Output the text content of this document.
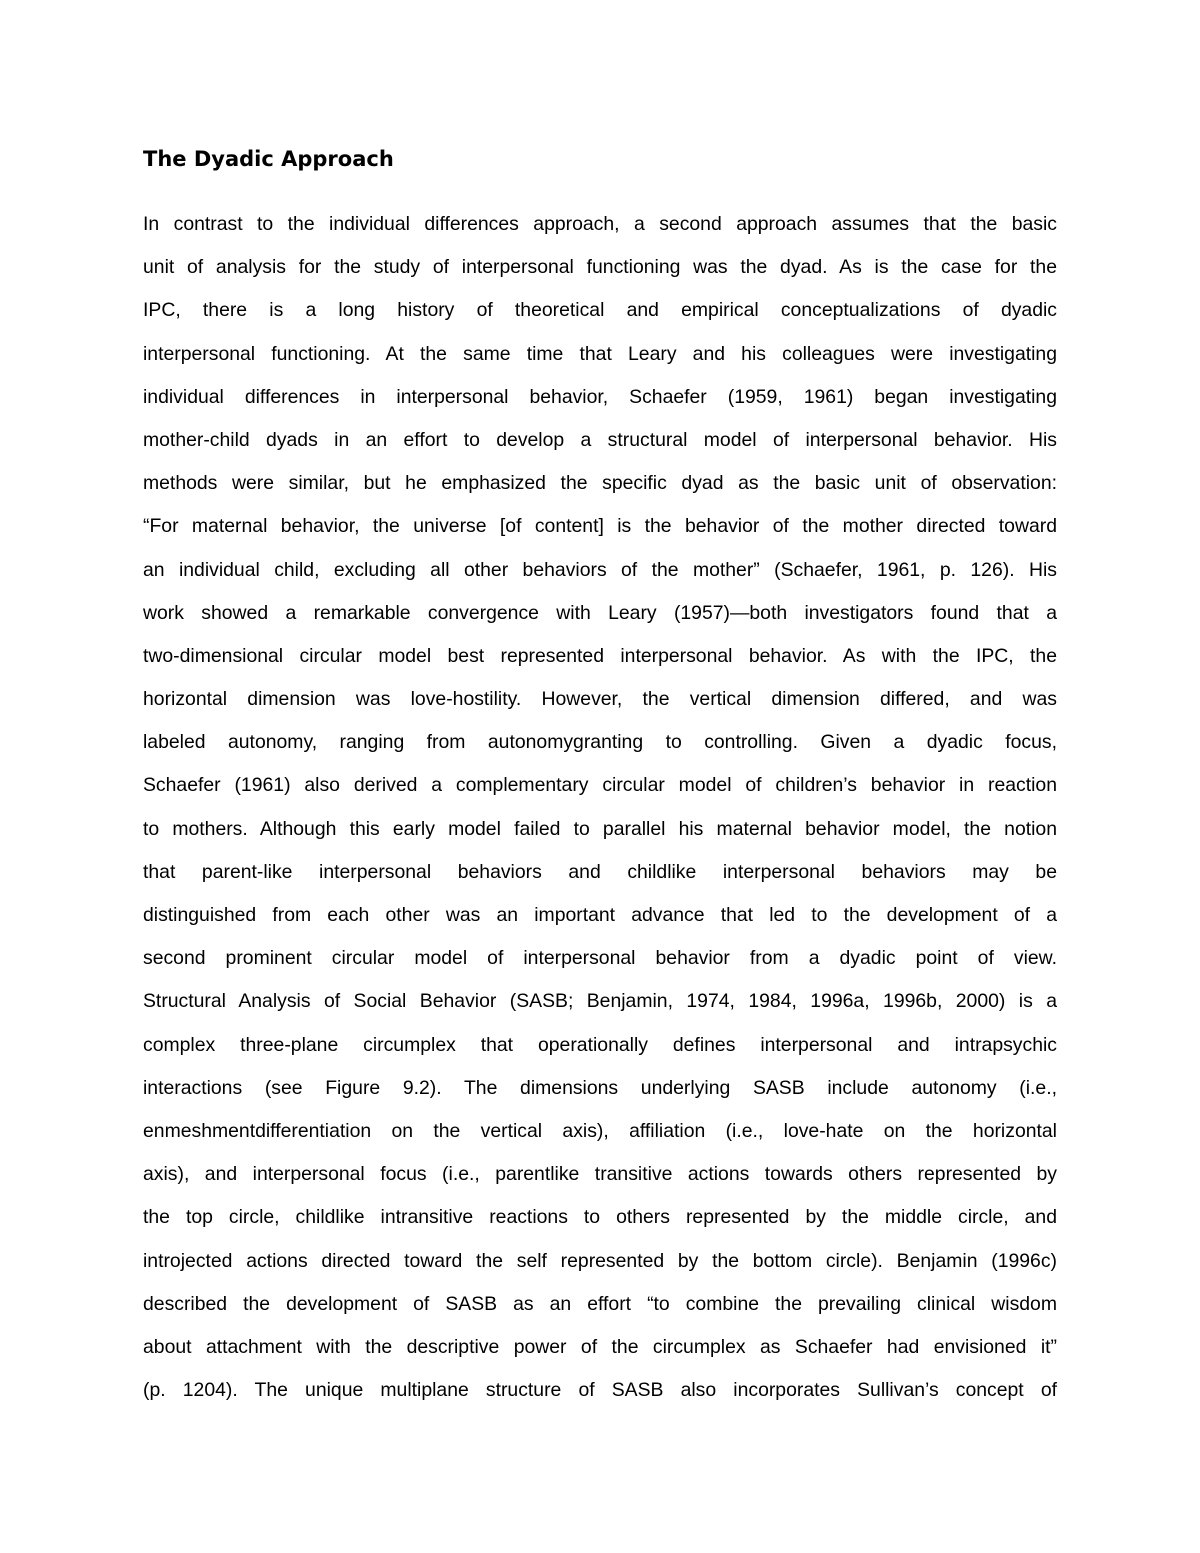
The Dyadic Approach
In contrast to the individual differences approach, a second approach assumes that the basic
unit of analysis for the study of interpersonal functioning was the dyad. As is the case for the
IPC, there is a long history of theoretical and empirical conceptualizations of dyadic
interpersonal functioning. At the same time that Leary and his colleagues were investigating
individual differences in interpersonal behavior, Schaefer (1959, 1961) began investigating
mother-child dyads in an effort to develop a structural model of interpersonal behavior. His
methods were similar, but he emphasized the specific dyad as the basic unit of observation:
“For maternal behavior, the universe [of content] is the behavior of the mother directed toward
an individual child, excluding all other behaviors of the mother” (Schaefer, 1961, p. 126). His
work showed a remarkable convergence with Leary (1957)—both investigators found that a
two-dimensional circular model best represented interpersonal behavior. As with the IPC, the
horizontal dimension was love-hostility. However, the vertical dimension differed, and was
labeled autonomy, ranging from autonomygranting to controlling. Given a dyadic focus,
Schaefer (1961) also derived a complementary circular model of children’s behavior in reaction
to mothers. Although this early model failed to parallel his maternal behavior model, the notion
that parent-like interpersonal behaviors and childlike interpersonal behaviors may be
distinguished from each other was an important advance that led to the development of a
second prominent circular model of interpersonal behavior from a dyadic point of view.
Structural Analysis of Social Behavior (SASB; Benjamin, 1974, 1984, 1996a, 1996b, 2000) is a
complex three-plane circumplex that operationally defines interpersonal and intrapsychic
interactions (see Figure 9.2). The dimensions underlying SASB include autonomy (i.e.,
enmeshmentdifferentiation on the vertical axis), affiliation (i.e., love-hate on the horizontal
axis), and interpersonal focus (i.e., parentlike transitive actions towards others represented by
the top circle, childlike intransitive reactions to others represented by the middle circle, and
introjected actions directed toward the self represented by the bottom circle). Benjamin (1996c)
described the development of SASB as an effort “to combine the prevailing clinical wisdom
about attachment with the descriptive power of the circumplex as Schaefer had envisioned it”
(p. 1204). The unique multiplane structure of SASB also incorporates Sullivan’s concept of
